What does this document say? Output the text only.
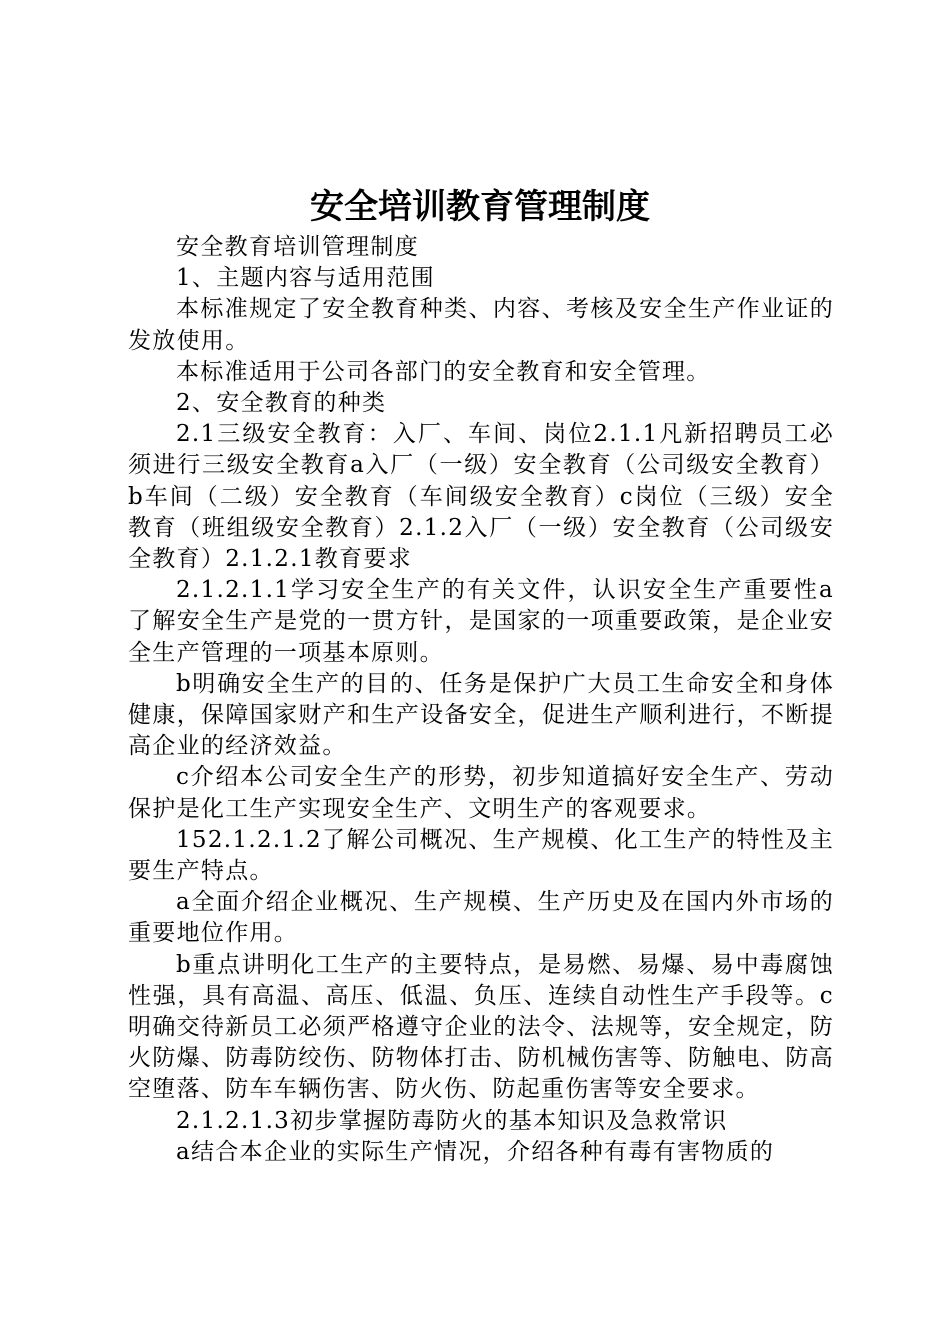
安全培训教育管理制度

安全教育培训管理制度

1、主题内容与适用范围

本标准规定了安全教育种类、内容、考核及安全生产作业证的发放使用。

本标准适用于公司各部门的安全教育和安全管理。

2、安全教育的种类

2.1三级安全教育：入厂、车间、岗位2.1.1凡新招聘员工必须进行三级安全教育a入厂（一级）安全教育（公司级安全教育）b车间（二级）安全教育（车间级安全教育）c岗位（三级）安全教育（班组级安全教育）2.1.2入厂（一级）安全教育（公司级安全教育）2.1.2.1教育要求

2.1.2.1.1学习安全生产的有关文件，认识安全生产重要性a了解安全生产是党的一贯方针，是国家的一项重要政策，是企业安全生产管理的一项基本原则。

b明确安全生产的目的、任务是保护广大员工生命安全和身体健康，保障国家财产和生产设备安全，促进生产顺利进行，不断提高企业的经济效益。

c介绍本公司安全生产的形势，初步知道搞好安全生产、劳动保护是化工生产实现安全生产、文明生产的客观要求。

152.1.2.1.2了解公司概况、生产规模、化工生产的特性及主要生产特点。

a全面介绍企业概况、生产规模、生产历史及在国内外市场的重要地位作用。

b重点讲明化工生产的主要特点，是易燃、易爆、易中毒腐蚀性强，具有高温、高压、低温、负压、连续自动性生产手段等。c明确交待新员工必须严格遵守企业的法令、法规等，安全规定，防火防爆、防毒防绞伤、防物体打击、防机械伤害等、防触电、防高空堕落、防车车辆伤害、防火伤、防起重伤害等安全要求。

2.1.2.1.3初步掌握防毒防火的基本知识及急救常识

a结合本企业的实际生产情况，介绍各种有毒有害物质的
